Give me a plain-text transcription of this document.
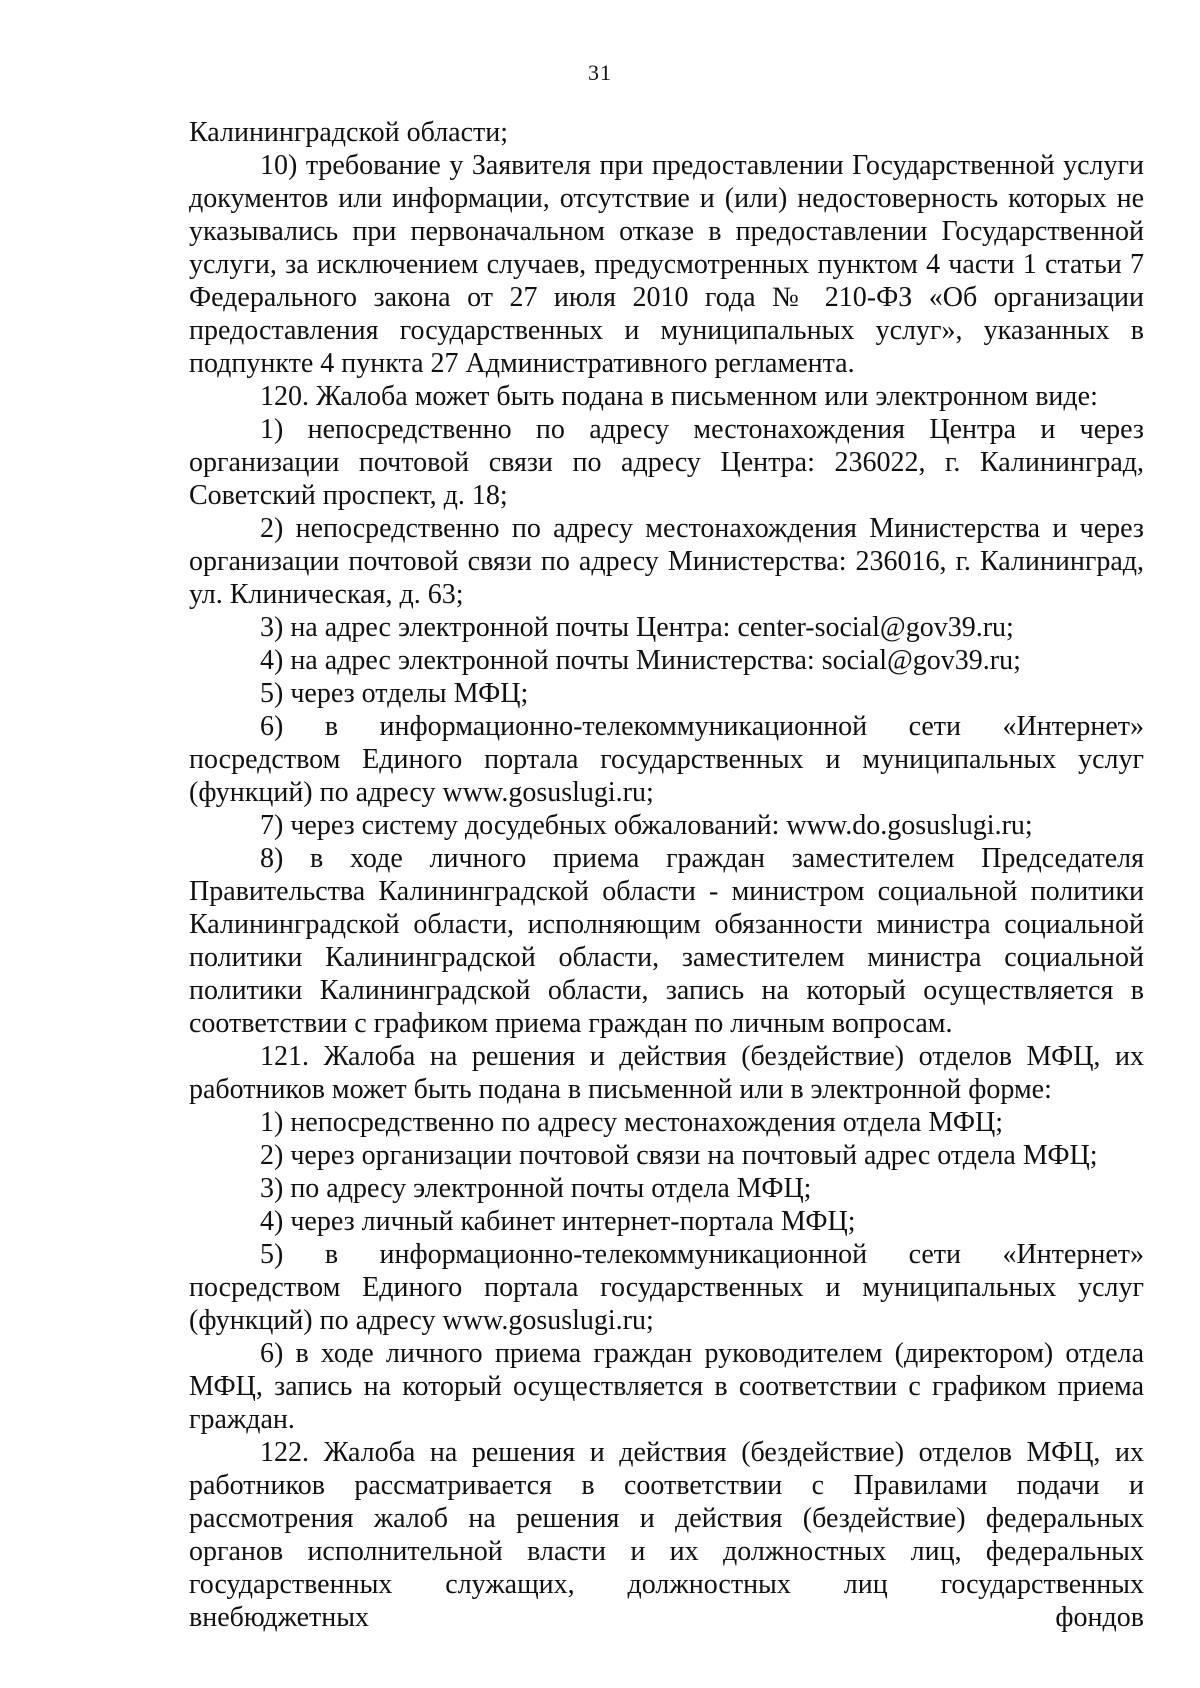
31

Калининградской области;

10) требование у Заявителя при предоставлении Государственной услуги документов или информации, отсутствие и (или) недостоверность которых не указывались при первоначальном отказе в предоставлении Государственной услуги, за исключением случаев, предусмотренных пунктом 4 части 1 статьи 7 Федерального закона от 27 июля 2010 года № 210-ФЗ «Об организации предоставления государственных и муниципальных услуг», указанных в подпункте 4 пункта 27 Административного регламента.

120. Жалоба может быть подана в письменном или электронном виде:

1) непосредственно по адресу местонахождения Центра и через организации почтовой связи по адресу Центра: 236022, г. Калининград, Советский проспект, д. 18;

2) непосредственно по адресу местонахождения Министерства и через организации почтовой связи по адресу Министерства: 236016, г. Калининград, ул. Клиническая, д. 63;

3) на адрес электронной почты Центра: center-social@gov39.ru;

4) на адрес электронной почты Министерства: social@gov39.ru;

5) через отделы МФЦ;

6) в информационно-телекоммуникационной сети «Интернет» посредством Единого портала государственных и муниципальных услуг (функций) по адресу www.gosuslugi.ru;

7) через систему досудебных обжалований: www.do.gosuslugi.ru;

8) в ходе личного приема граждан заместителем Председателя Правительства Калининградской области - министром социальной политики Калининградской области, исполняющим обязанности министра социальной политики Калининградской области, заместителем министра социальной политики Калининградской области, запись на который осуществляется в соответствии с графиком приема граждан по личным вопросам.

121. Жалоба на решения и действия (бездействие) отделов МФЦ, их работников может быть подана в письменной или в электронной форме:

1) непосредственно по адресу местонахождения отдела МФЦ;

2) через организации почтовой связи на почтовый адрес отдела МФЦ;

3) по адресу электронной почты отдела МФЦ;

4) через личный кабинет интернет-портала МФЦ;

5) в информационно-телекоммуникационной сети «Интернет» посредством Единого портала государственных и муниципальных услуг (функций) по адресу www.gosuslugi.ru;

6) в ходе личного приема граждан руководителем (директором) отдела МФЦ, запись на который осуществляется в соответствии с графиком приема граждан.

122. Жалоба на решения и действия (бездействие) отделов МФЦ, их работников рассматривается в соответствии с Правилами подачи и рассмотрения жалоб на решения и действия (бездействие) федеральных органов исполнительной власти и их должностных лиц, федеральных государственных служащих, должностных лиц государственных внебюджетных фондов
